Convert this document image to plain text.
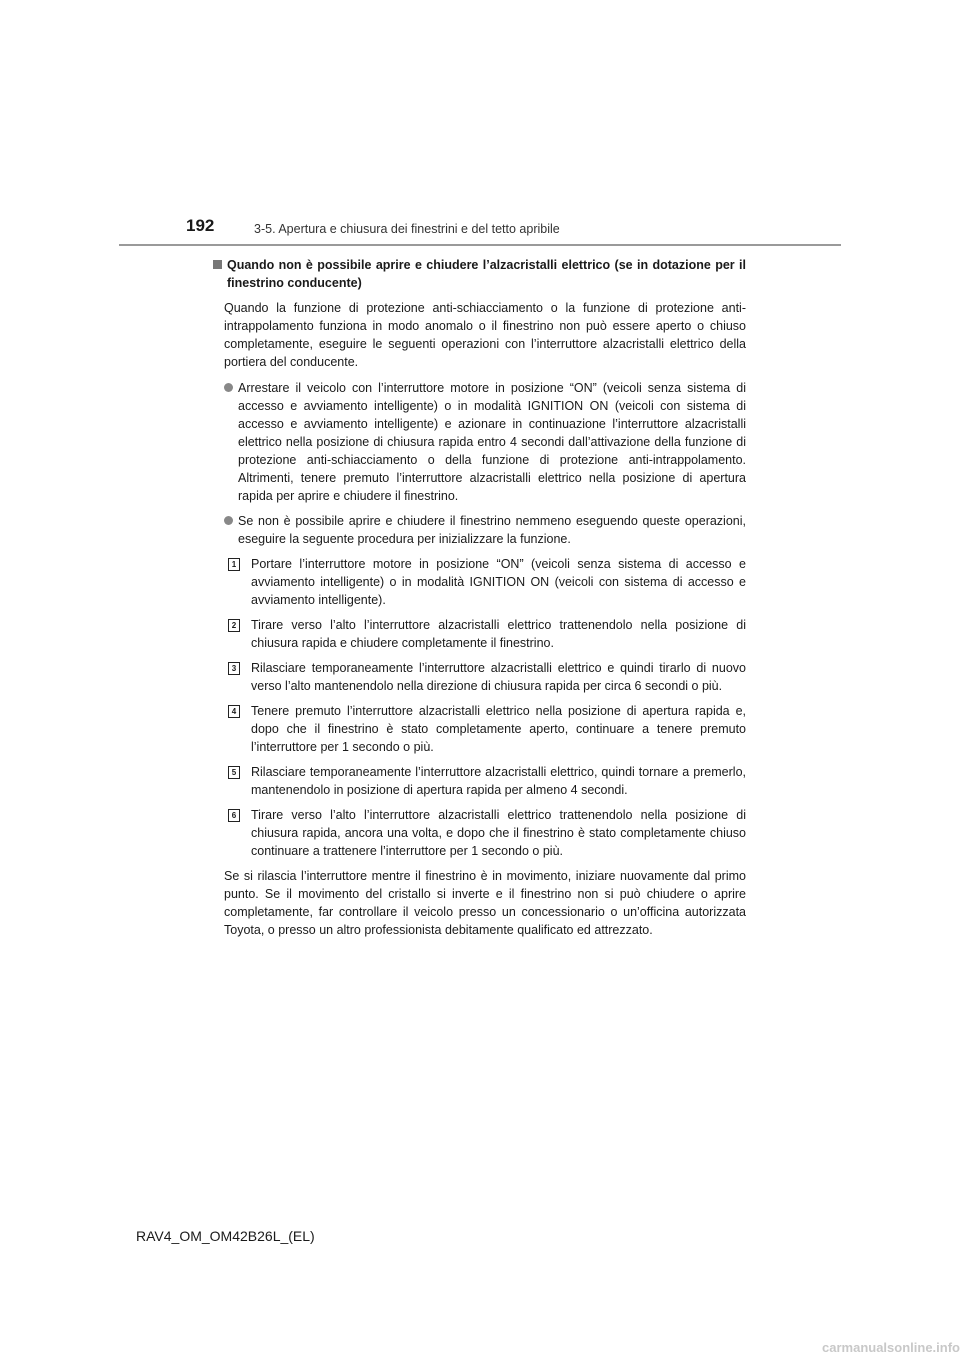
192	3-5. Apertura e chiusura dei finestrini e del tetto apribile
Quando non è possibile aprire e chiudere l’alzacristalli elettrico (se in dotazione per il finestrino conducente)
Quando la funzione di protezione anti-schiacciamento o la funzione di protezione anti-intrappolamento funziona in modo anomalo o il finestrino non può essere aperto o chiuso completamente, eseguire le seguenti operazioni con l’interruttore alzacristalli elettrico della portiera del conducente.
Arrestare il veicolo con l’interruttore motore in posizione “ON” (veicoli senza sistema di accesso e avviamento intelligente) o in modalità IGNITION ON (veicoli con sistema di accesso e avviamento intelligente) e azionare in continuazione l’interruttore alzacristalli elettrico nella posizione di chiusura rapida entro 4 secondi dall’attivazione della funzione di protezione anti-schiacciamento o della funzione di protezione anti-intrappolamento. Altrimenti, tenere premuto l’interruttore alzacristalli elettrico nella posizione di apertura rapida per aprire e chiudere il finestrino.
Se non è possibile aprire e chiudere il finestrino nemmeno eseguendo queste operazioni, eseguire la seguente procedura per inizializzare la funzione.
1	Portare l’interruttore motore in posizione “ON” (veicoli senza sistema di accesso e avviamento intelligente) o in modalità IGNITION ON (veicoli con sistema di accesso e avviamento intelligente).
2	Tirare verso l’alto l’interruttore alzacristalli elettrico trattenendolo nella posizione di chiusura rapida e chiudere completamente il finestrino.
3	Rilasciare temporaneamente l’interruttore alzacristalli elettrico e quindi tirarlo di nuovo verso l’alto mantenendolo nella direzione di chiusura rapida per circa 6 secondi o più.
4	Tenere premuto l’interruttore alzacristalli elettrico nella posizione di apertura rapida e, dopo che il finestrino è stato completamente aperto, continuare a tenere premuto l’interruttore per 1 secondo o più.
5	Rilasciare temporaneamente l’interruttore alzacristalli elettrico, quindi tornare a premerlo, mantenendolo in posizione di apertura rapida per almeno 4 secondi.
6	Tirare verso l’alto l’interruttore alzacristalli elettrico trattenendolo nella posizione di chiusura rapida, ancora una volta, e dopo che il finestrino è stato completamente chiuso continuare a trattenere l’interruttore per 1 secondo o più.
Se si rilascia l’interruttore mentre il finestrino è in movimento, iniziare nuovamente dal primo punto. Se il movimento del cristallo si inverte e il finestrino non si può chiudere o aprire completamente, far controllare il veicolo presso un concessionario o un’officina autorizzata Toyota, o presso un altro professionista debitamente qualificato ed attrezzato.
RAV4_OM_OM42B26L_(EL)
carmanualsonline.info
